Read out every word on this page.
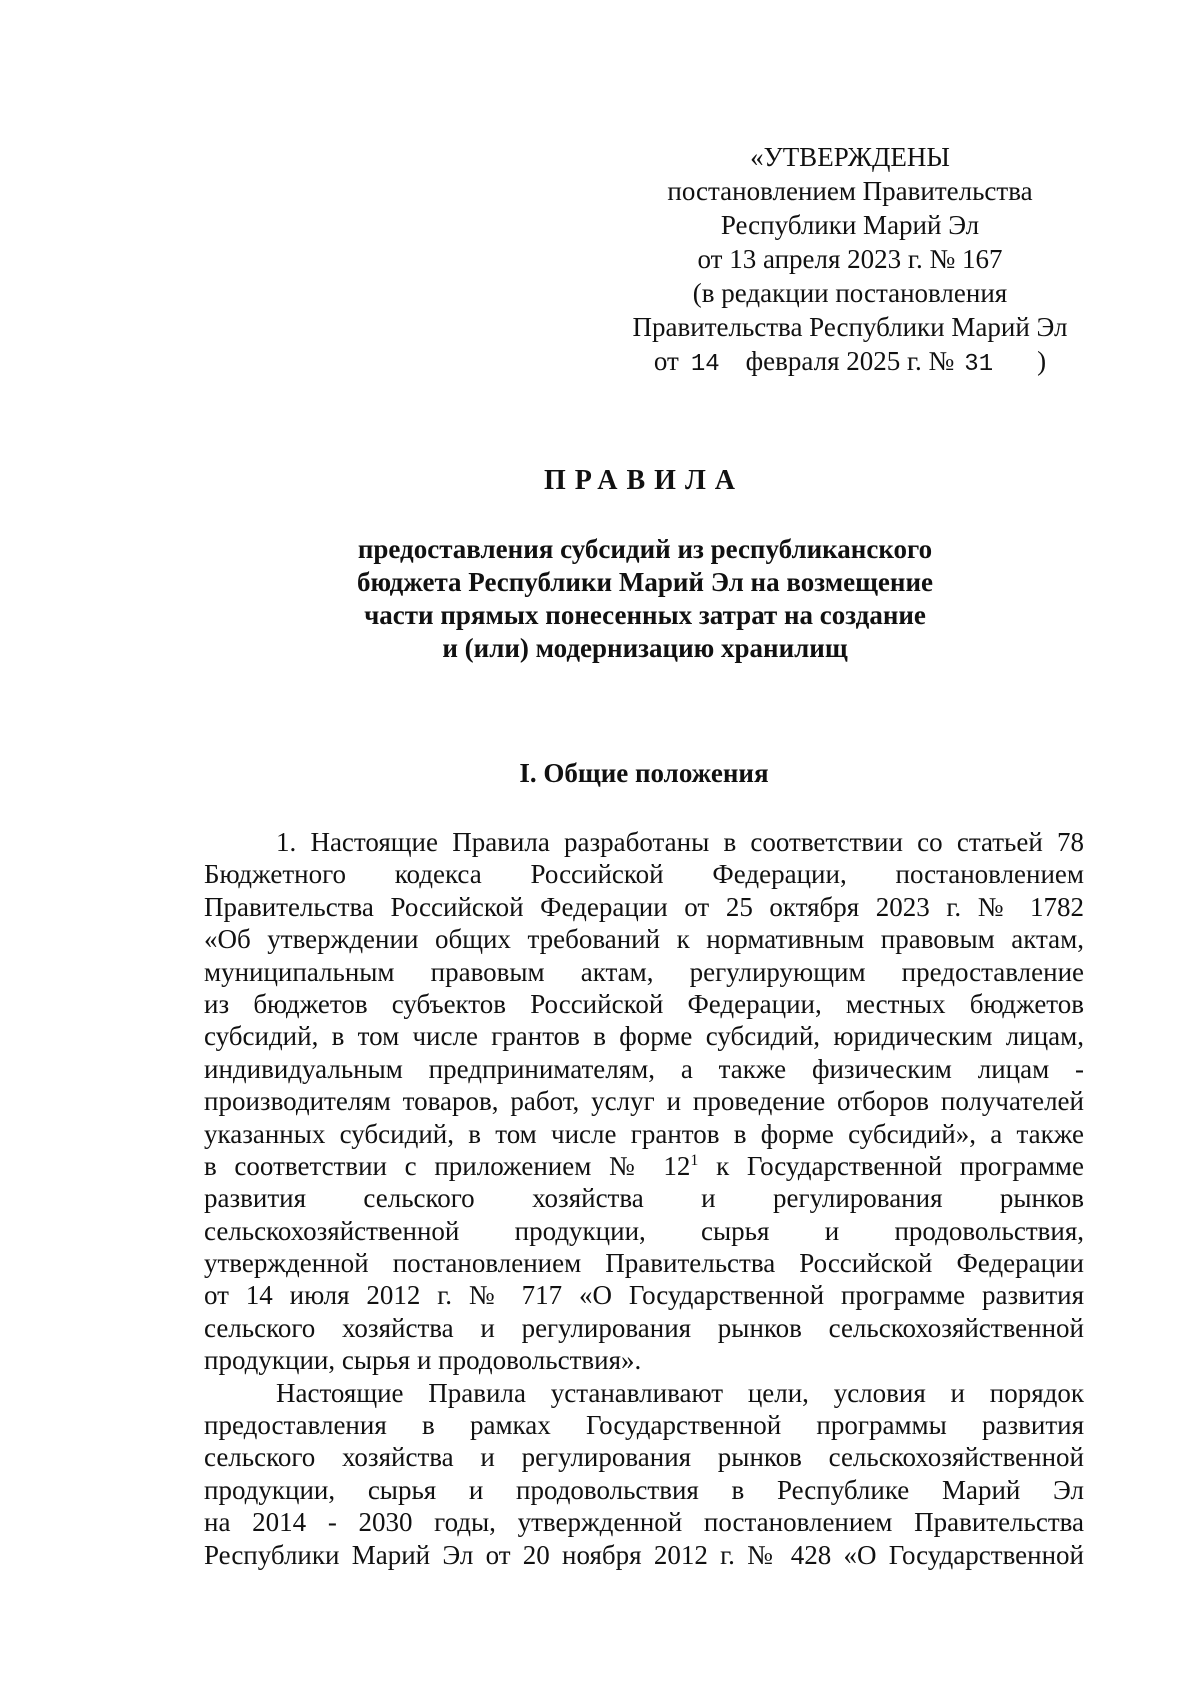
«УТВЕРЖДЕНЫ
постановлением Правительства
Республики Марий Эл
от 13 апреля 2023 г. № 167
(в редакции постановления
Правительства Республики Марий Эл
от 14 февраля 2025 г. № 31 )
ПРАВИЛА
предоставления субсидий из республиканского
бюджета Республики Марий Эл на возмещение
части прямых понесенных затрат на создание
и (или) модернизацию хранилищ
I. Общие положения
1. Настоящие Правила разработаны в соответствии со статьей 78
Бюджетного кодекса Российской Федерации, постановлением
Правительства Российской Федерации от 25 октября 2023 г. № 1782
«Об утверждении общих требований к нормативным правовым актам,
муниципальным правовым актам, регулирующим предоставление
из бюджетов субъектов Российской Федерации, местных бюджетов
субсидий, в том числе грантов в форме субсидий, юридическим лицам,
индивидуальным предпринимателям, а также физическим лицам -
производителям товаров, работ, услуг и проведение отборов получателей
указанных субсидий, в том числе грантов в форме субсидий», а также
в соответствии с приложением № 12$^1$ к Государственной программе
развития сельского хозяйства и регулирования рынков
сельскохозяйственной продукции, сырья и продовольствия,
утвержденной постановлением Правительства Российской Федерации
от 14 июля 2012 г. № 717 «О Государственной программе развития
сельского хозяйства и регулирования рынков сельскохозяйственной
продукции, сырья и продовольствия».
Настоящие Правила устанавливают цели, условия и порядок
предоставления в рамках Государственной программы развития
сельского хозяйства и регулирования рынков сельскохозяйственной
продукции, сырья и продовольствия в Республике Марий Эл
на 2014 - 2030 годы, утвержденной постановлением Правительства
Республики Марий Эл от 20 ноября 2012 г. № 428 «О Государственной
